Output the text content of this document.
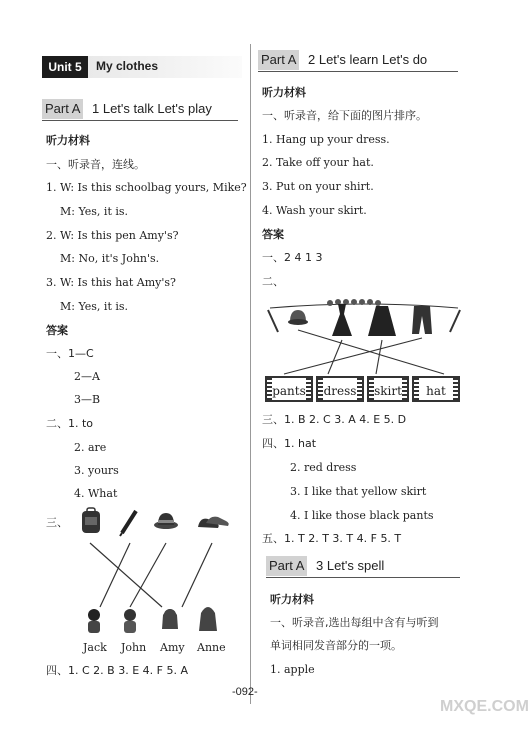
Unit 5	My clothes
Part A 1 Let's talk Let's play
听力材料
一、听录音，连线。
1. W: Is this schoolbag yours, Mike?
M: Yes, it is.
2. W: Is this pen Amy's?
M: No, it's John's.
3. W: Is this hat Amy's?
M: Yes, it is.
答案
一、1—C
2—A
3—B
二、1. to
2. are
3. yours
4. What
三、
Jack John Amy Anne
四、1. C 2. B 3. E 4. F 5. A
Part A 2 Let's learn Let's do
听力材料
一、听录音，给下面的图片排序。
1. Hang up your dress.
2. Take off your hat.
3. Put on your shirt.
4. Wash your skirt.
答案
一、2 4 1 3
二、
pants	dress	skirt	hat
三、1. B 2. C 3. A 4. E 5. D
四、1. hat
2. red dress
3. I like that yellow skirt
4. I like those black pants
五、1. T 2. T 3. T 4. F 5. T
Part A 3 Let's spell
听力材料
一、听录音,选出每组中含有与听到
单词相同发音部分的一项。
1. apple
-092-
MXQE.COM
